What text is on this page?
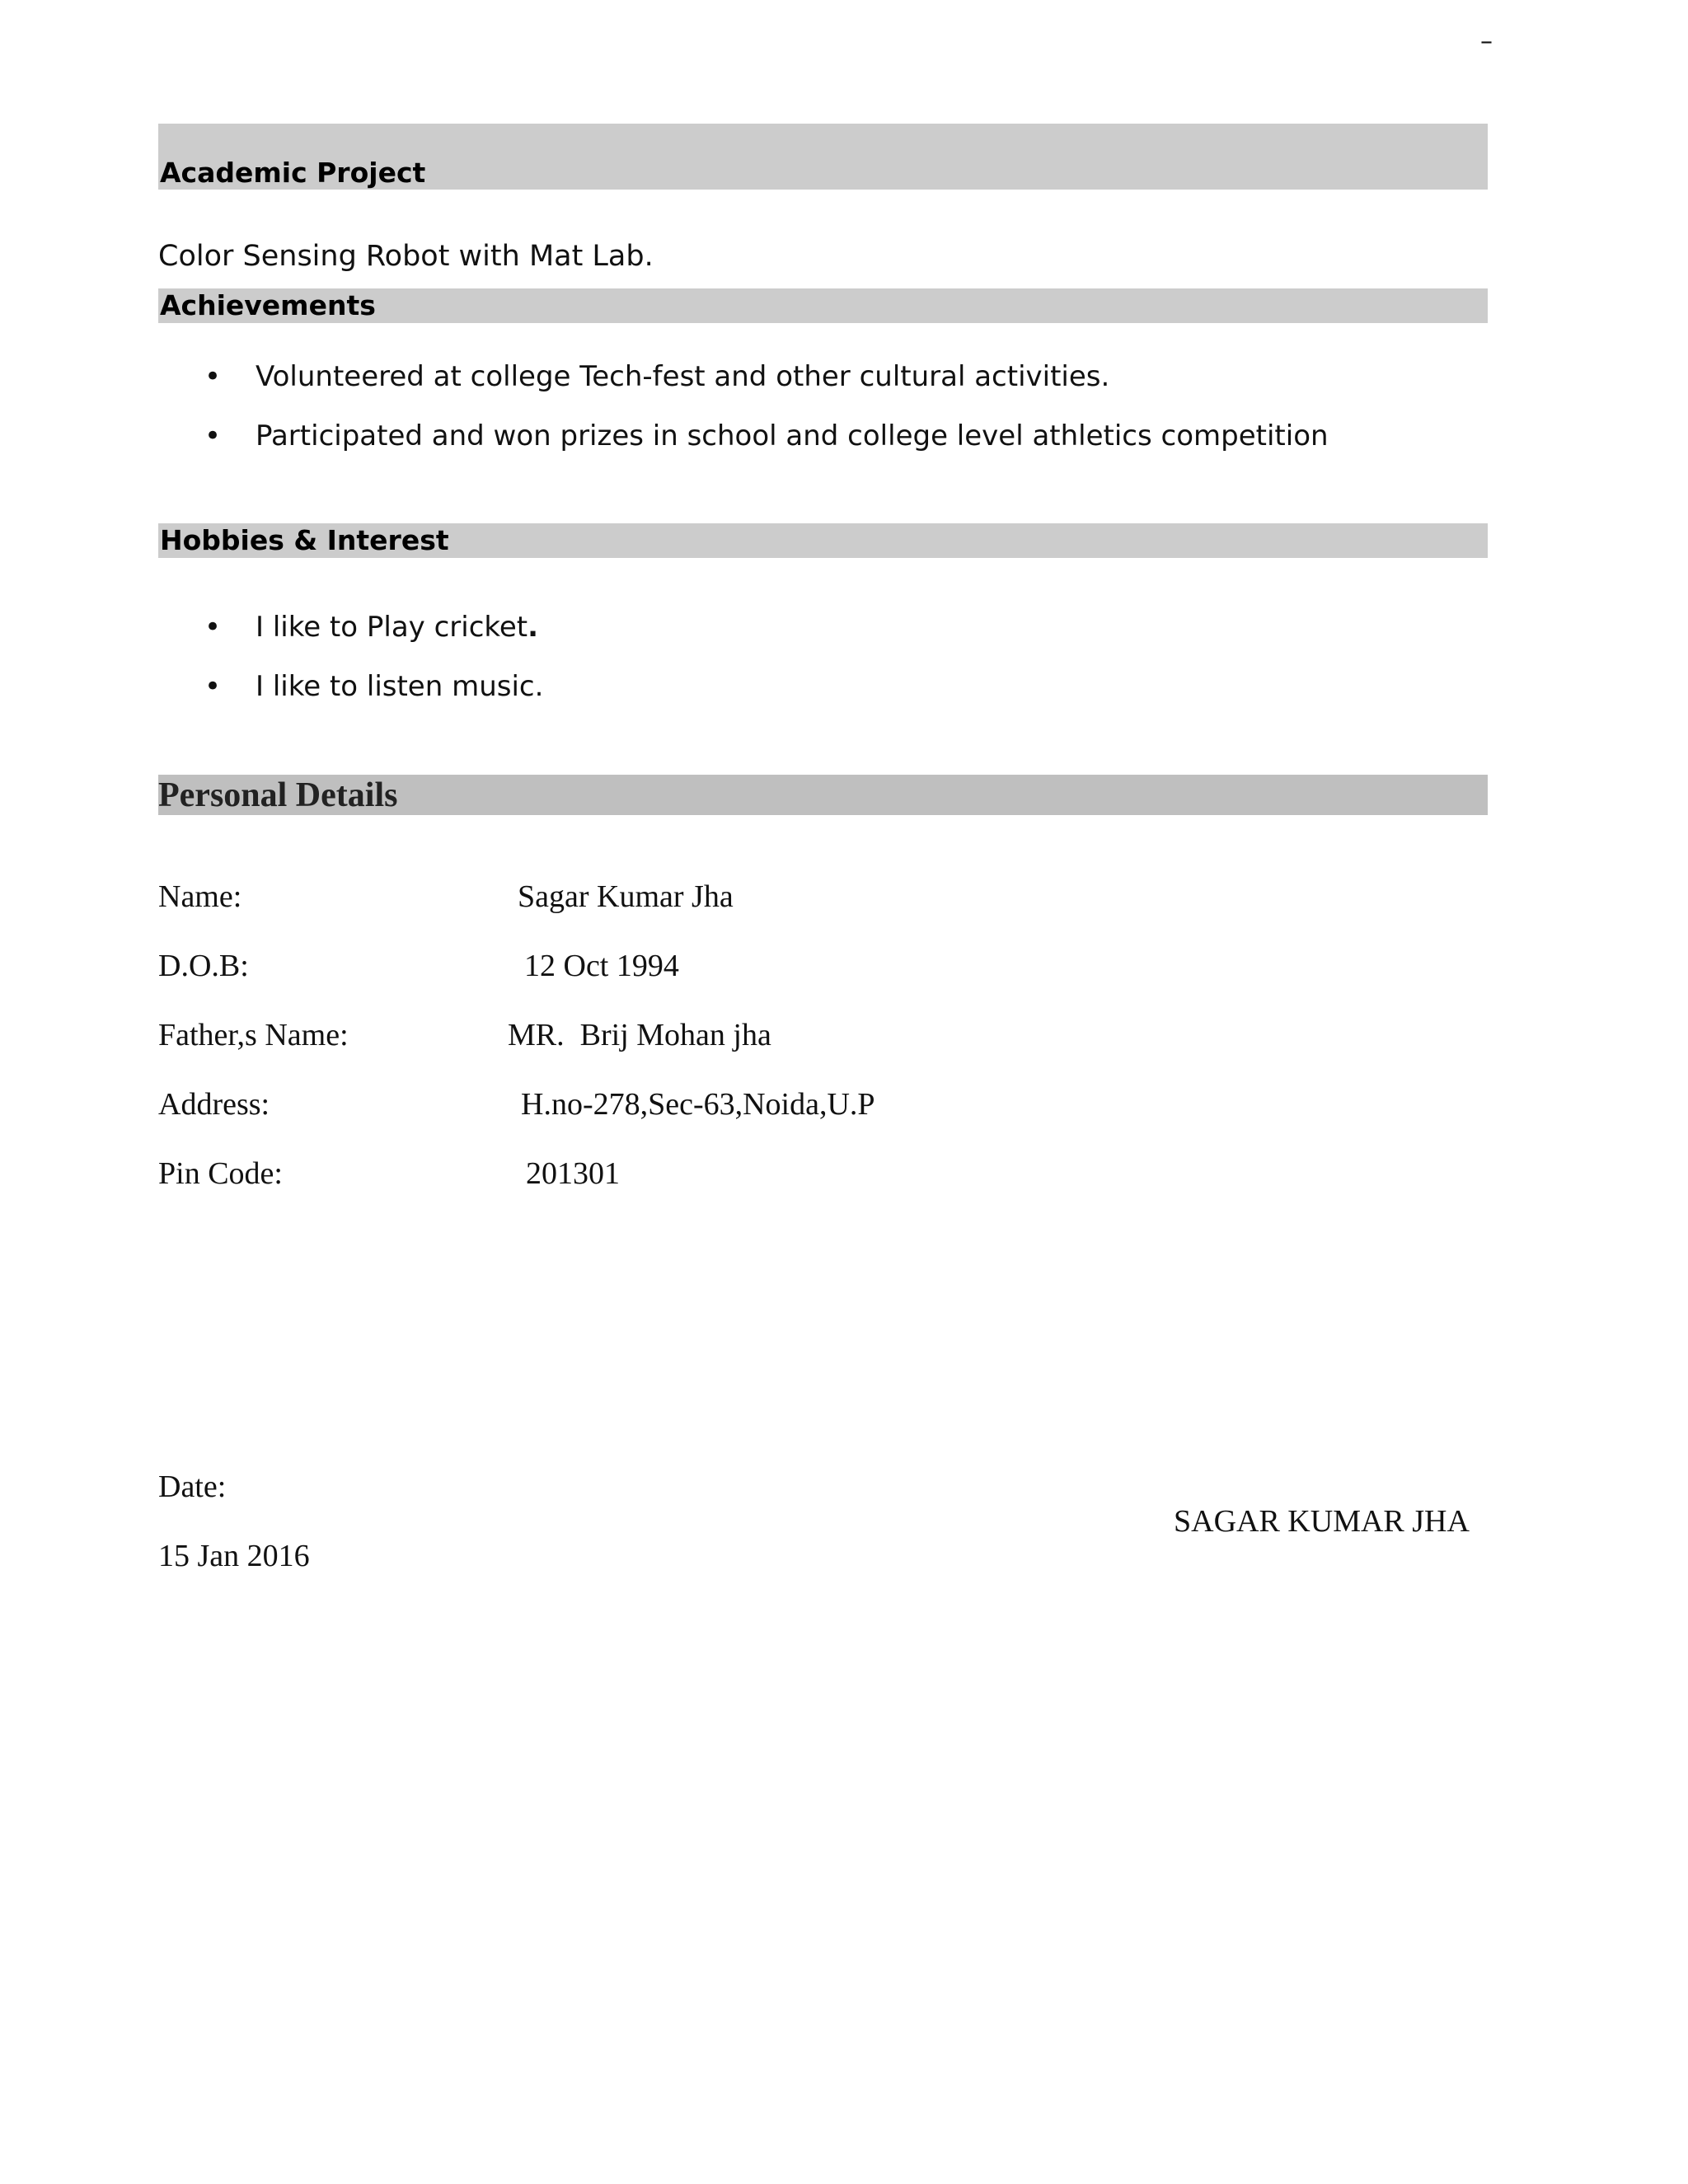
–
Academic Project
Color Sensing Robot with Mat Lab.
Achievements
• Volunteered at college Tech-fest and other cultural activities.
• Participated and won prizes in school and college level athletics competition
Hobbies & Interest
• I like to Play cricket.
• I like to listen music.
Personal Details
Name:	Sagar Kumar Jha
D.O.B:	12 Oct 1994
Father,s Name:	MR.  Brij Mohan jha
Address:	H.no-278,Sec-63,Noida,U.P
Pin Code:	201301
Date:
15 Jan 2016
SAGAR KUMAR JHA
